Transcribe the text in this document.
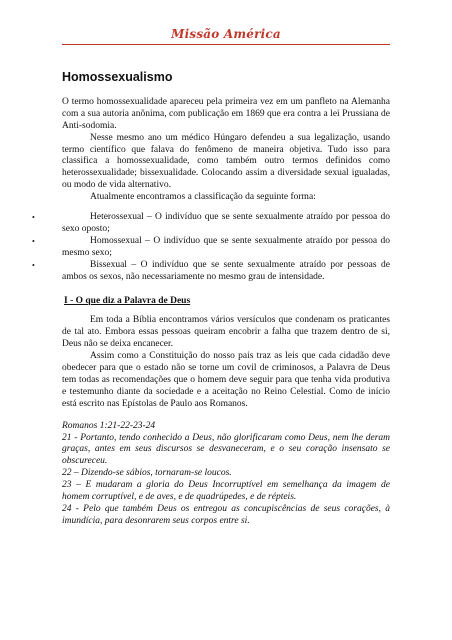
Missão América
Homossexualismo

O termo homossexualidade apareceu pela primeira vez em um panfleto na Alemanha com a sua autoria anônima, com publicação em 1869 que era contra a lei Prussiana de Anti-sodomia.

Nesse mesmo ano um médico Húngaro defendeu a sua legalização, usando termo científico que falava do fenômeno de maneira objetiva. Tudo isso para classifica a homossexualidade, como também outro termos definidos como heterossexualidade; bissexualidade. Colocando assim a diversidade sexual igualadas, ou modo de vida alternativo.

Atualmente encontramos a classificação da seguinte forma:

•	Heterossexual – O indivíduo que se sente sexualmente atraído por pessoa do sexo oposto;
•	Homossexual – O indivíduo que se sente sexualmente atraído por pessoa do mesmo sexo;
•	Bissexual – O indivíduo que se sente sexualmente atraído por pessoas de ambos os sexos, não necessariamente no mesmo grau de intensidade.
I - O que diz a Palavra de Deus

Em toda a Bíblia encontramos vários versículos que condenam os praticantes de tal ato. Embora essas pessoas queiram encobrir a falha que trazem dentro de si, Deus não se deixa encanecer.

Assim como a Constituição do nosso pais traz as leis que cada cidadão deve obedecer para que o estado não se torne um covil de criminosos, a Palavra de Deus tem todas as recomendações que o homem deve seguir para que tenha vida produtiva e testemunho diante da sociedade e a aceitação no Reino Celestial. Como de início está escrito nas Epístolas de Paulo aos Romanos.

Romanos 1:21-22-23-24

21 - Portanto, tendo conhecido a Deus, não glorificaram como Deus, nem lhe deram graças, antes em seus discursos se desvaneceram, e o seu coração insensato se obscureceu.

22 – Dizendo-se sábios, tornaram-se loucos.

23 – E mudaram a gloria do Deus Incorruptível em semelhança da imagem de homem corruptível, e de aves, e de quadrúpedes, e de répteis.

24 - Pelo que também Deus os entregou as concupiscências de seus corações, à imundícia, para desonrarem seus corpos entre si.
